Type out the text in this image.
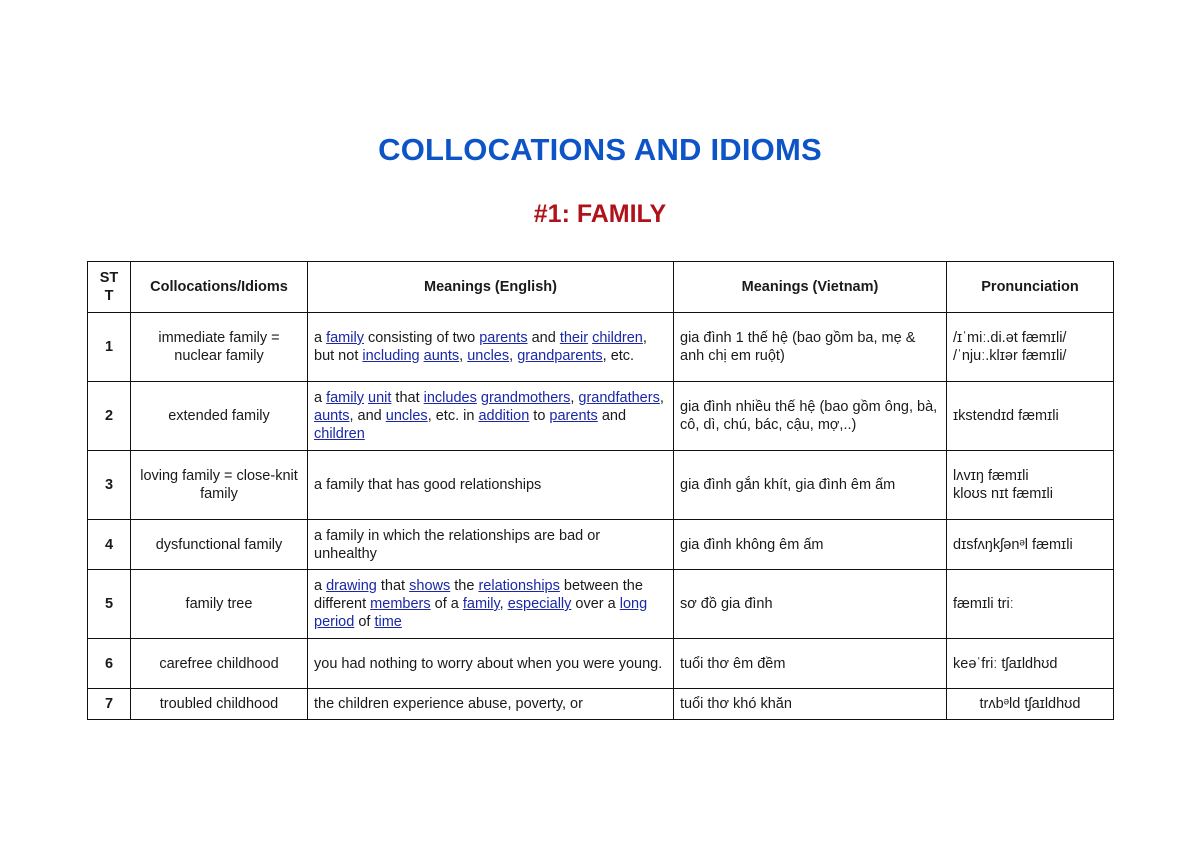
COLLOCATIONS AND IDIOMS
#1: FAMILY
ST T	Collocations/Idioms	Meanings (English)	Meanings (Vietnam)	Pronunciation
1	immediate family = nuclear family	a family consisting of two parents and their children, but not including aunts, uncles, grandparents, etc.	gia đình 1 thế hệ (bao gồm ba, mẹ & anh chị em ruột)	/ɪˈmiː.di.ət fæmɪli/
/ˈnjuː.klɪər fæmɪli/

2	extended family	a family unit that includes grandmothers, grandfathers, aunts, and uncles, etc. in addition to parents and children	gia đình nhiều thế hệ (bao gồm ông, bà, cô, dì, chú, bác, cậu, mợ,..)	ɪkstendɪd fæmɪli

3	loving family = close-knit family	a family that has good relationships	gia đình gắn khít, gia đình êm ấm	lʌvɪŋ fæmɪli
kloʊs nɪt fæmɪli

4	dysfunctional family	a family in which the relationships are bad or unhealthy	gia đình không êm ấm	dɪsfʌŋkʃənᵊl fæmɪli

5	family tree	a drawing that shows the relationships between the different members of a family, especially over a long period of time	sơ đồ gia đình	fæmɪli triː

6	carefree childhood	you had nothing to worry about when you were young.	tuổi thơ êm đềm	keəˈfriː tʃaɪldhʊd

7	troubled childhood	the children experience abuse, poverty, or	tuổi thơ khó khăn	trʌbᵊld tʃaɪldhʊd
